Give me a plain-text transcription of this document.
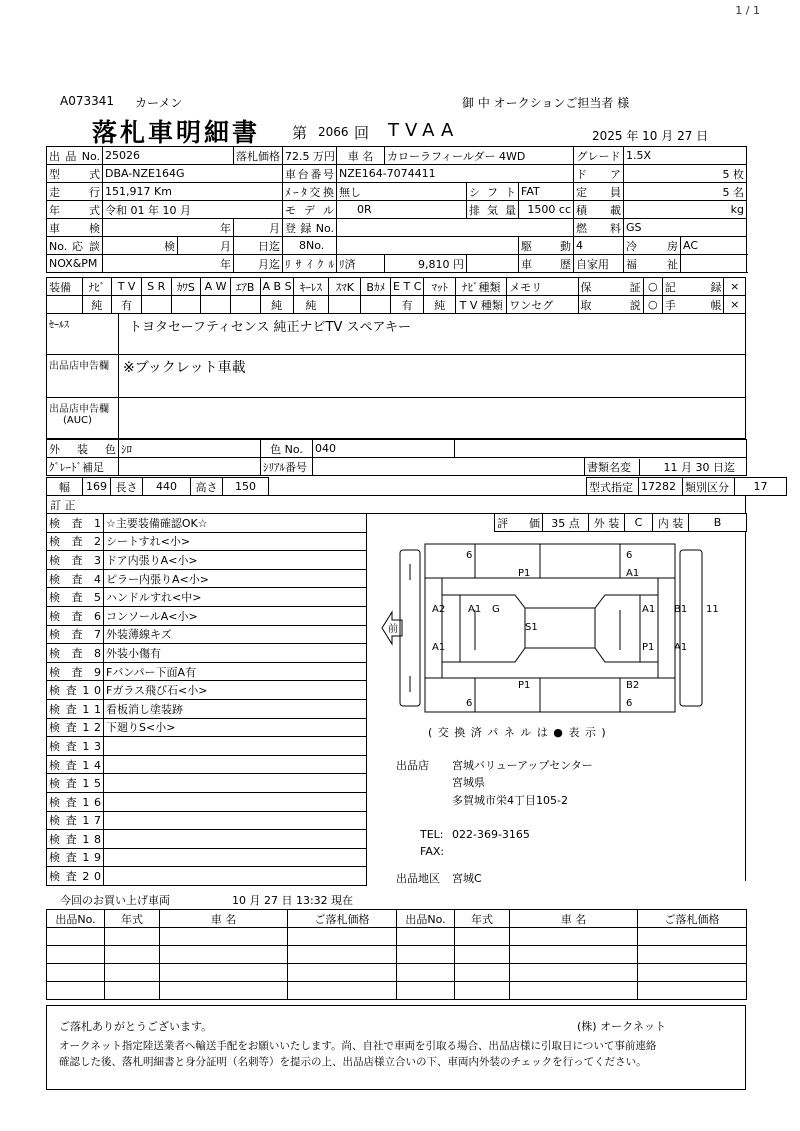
1 / 1
A073341 カーメン	御 中 オークションご担当者 様
落札車明細書 第 2066 回 TVAA	2025 年 10 月 27 日
出 品 No.	25026		落札価格	72.5 万円	車 名	カローラフィールダー 4WD			グレード	1.5X	
型 式	DBA-NZE164G			車台番号	NZE164-7074411				ド ア	5 枚	
走 行	151,917 Km			ﾒｰﾀ交換	無し		シ フ ト	FAT	定 員	5 名	
年 式	令和 01 年 10 月			モ デ ル	0R		排 気 量	1500 cc	積 載	kg	
車 検	年		月	登 録 No.					燃 料	GS	
No. 応 談	検	月	日迄	8No.				駆 動	4	冷 房	AC
NOX&PM	年		月迄	ﾘｻｲｸﾙ	ﾘ済	9,810 円		車 歴	自家用	福 祉	
装備	ﾅﾋﾞ	T V	S R	ｶﾜS	A W	ｴｱB	A B S	ｷｰﾚｽ	ｽﾏK	Bｶﾒ	E T C	ﾏｯﾄ	ﾅﾋﾞ種類	メモリ	保 証	○	記 録	×
	純	有					純	純			有	純	T V 種類	ワンセグ	取 説	○	手 帳	×
ｾｰﾙｽ	トヨタセーフティセンス 純正ナビTV スペアキー
出品店申告欄	※ブックレット車載
出品店申告欄
(AUC)
外 装 色	ｼﾛ	色 No.	040		
ｸﾞﾚｰﾄﾞ補足		ｼﾘｱﾙ番号			書類名変 11 月 30 日迄
幅	169	長さ	440	高さ	150		型式指定	17282	類別区分	17
訂 正
検 査 1	☆主要装備確認OK☆
検 査 2	シートすれ<小>
検 査 3	ドア内張りA<小>
検 査 4	ピラー内張りA<小>
検 査 5	ハンドルすれ<中>
検 査 6	コンソールA<小>
検 査 7	外装薄線キズ
検 査 8	外装小傷有
検 査 9	Fバンパー下面A有
検 査 1 0	Fガラス飛び石<小>
検 査 1 1	看板消し塗装跡
検 査 1 2	下廻りS<小>
検 査 1 3	
検 査 1 4	
検 査 1 5	
検 査 1 6	
検 査 1 7	
検 査 1 8	
検 査 1 9	
検 査 2 0	
評 価	35 点	外 装	C	内 装	B
前
6	6
P1	A1
A2 A1 G
S1
A1 B1 11
A1	P1 A1
P1	B2
6	6
( 交 換 済 パ ネ ル は ● 表 示 )
出品店 宮城バリューアップセンター
宮城県
多賀城市栄4丁目105-2
TEL: 022-369-3165
FAX:
出品地区 宮城C
今回のお買い上げ車両	10 月 27 日 13:32 現在
出品No.	年式	車 名	ご落札価格	出品No.	年式	車 名	ご落札価格

ご落札ありがとうございます。	(株) オークネット
オークネット指定陸送業者へ輸送手配をお願いいたします。尚、自社で車両を引取る場合、出品店様に引取日について事前連絡
確認した後、落札明細書と身分証明（名刺等）を提示の上、出品店様立合いの下、車両内外装のチェックを行ってください。
